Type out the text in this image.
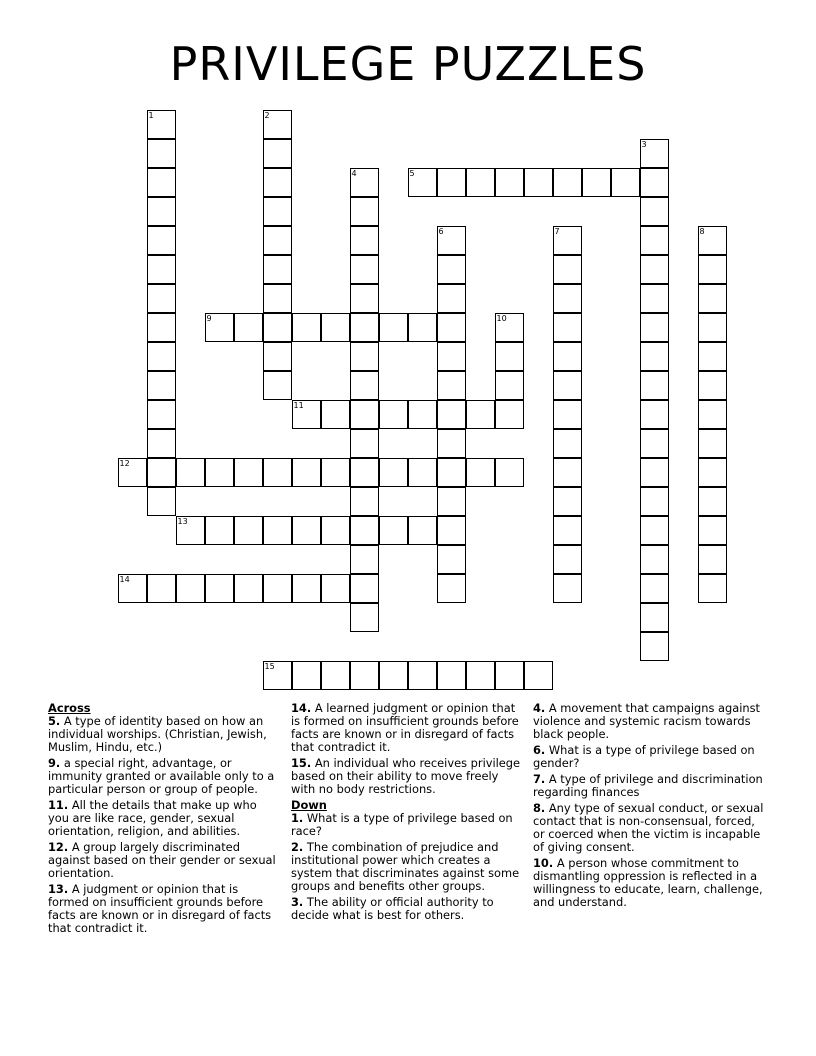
PRIVILEGE PUZZLES
1	2
3
4	5
6	7	8
9	10
11
12
13
14
15
Across
5. A type of identity based on how an individual worships. (Christian, Jewish, Muslim, Hindu, etc.)
9. a special right, advantage, or immunity granted or available only to a particular person or group of people.
11. All the details that make up who you are like race, gender, sexual orientation, religion, and abilities.
12. A group largely discriminated against based on their gender or sexual orientation.
13. A judgment or opinion that is formed on insufficient grounds before facts are known or in disregard of facts that contradict it.
14. A learned judgment or opinion that is formed on insufficient grounds before facts are known or in disregard of facts that contradict it.
15. An individual who receives privilege based on their ability to move freely with no body restrictions.
Down
1. What is a type of privilege based on race?
2. The combination of prejudice and institutional power which creates a system that discriminates against some groups and benefits other groups.
3. The ability or official authority to decide what is best for others.
4. A movement that campaigns against violence and systemic racism towards black people.
6. What is a type of privilege based on gender?
7. A type of privilege and discrimination regarding finances
8. Any type of sexual conduct, or sexual contact that is non-consensual, forced, or coerced when the victim is incapable of giving consent.
10. A person whose commitment to dismantling oppression is reflected in a willingness to educate, learn, challenge, and understand.
